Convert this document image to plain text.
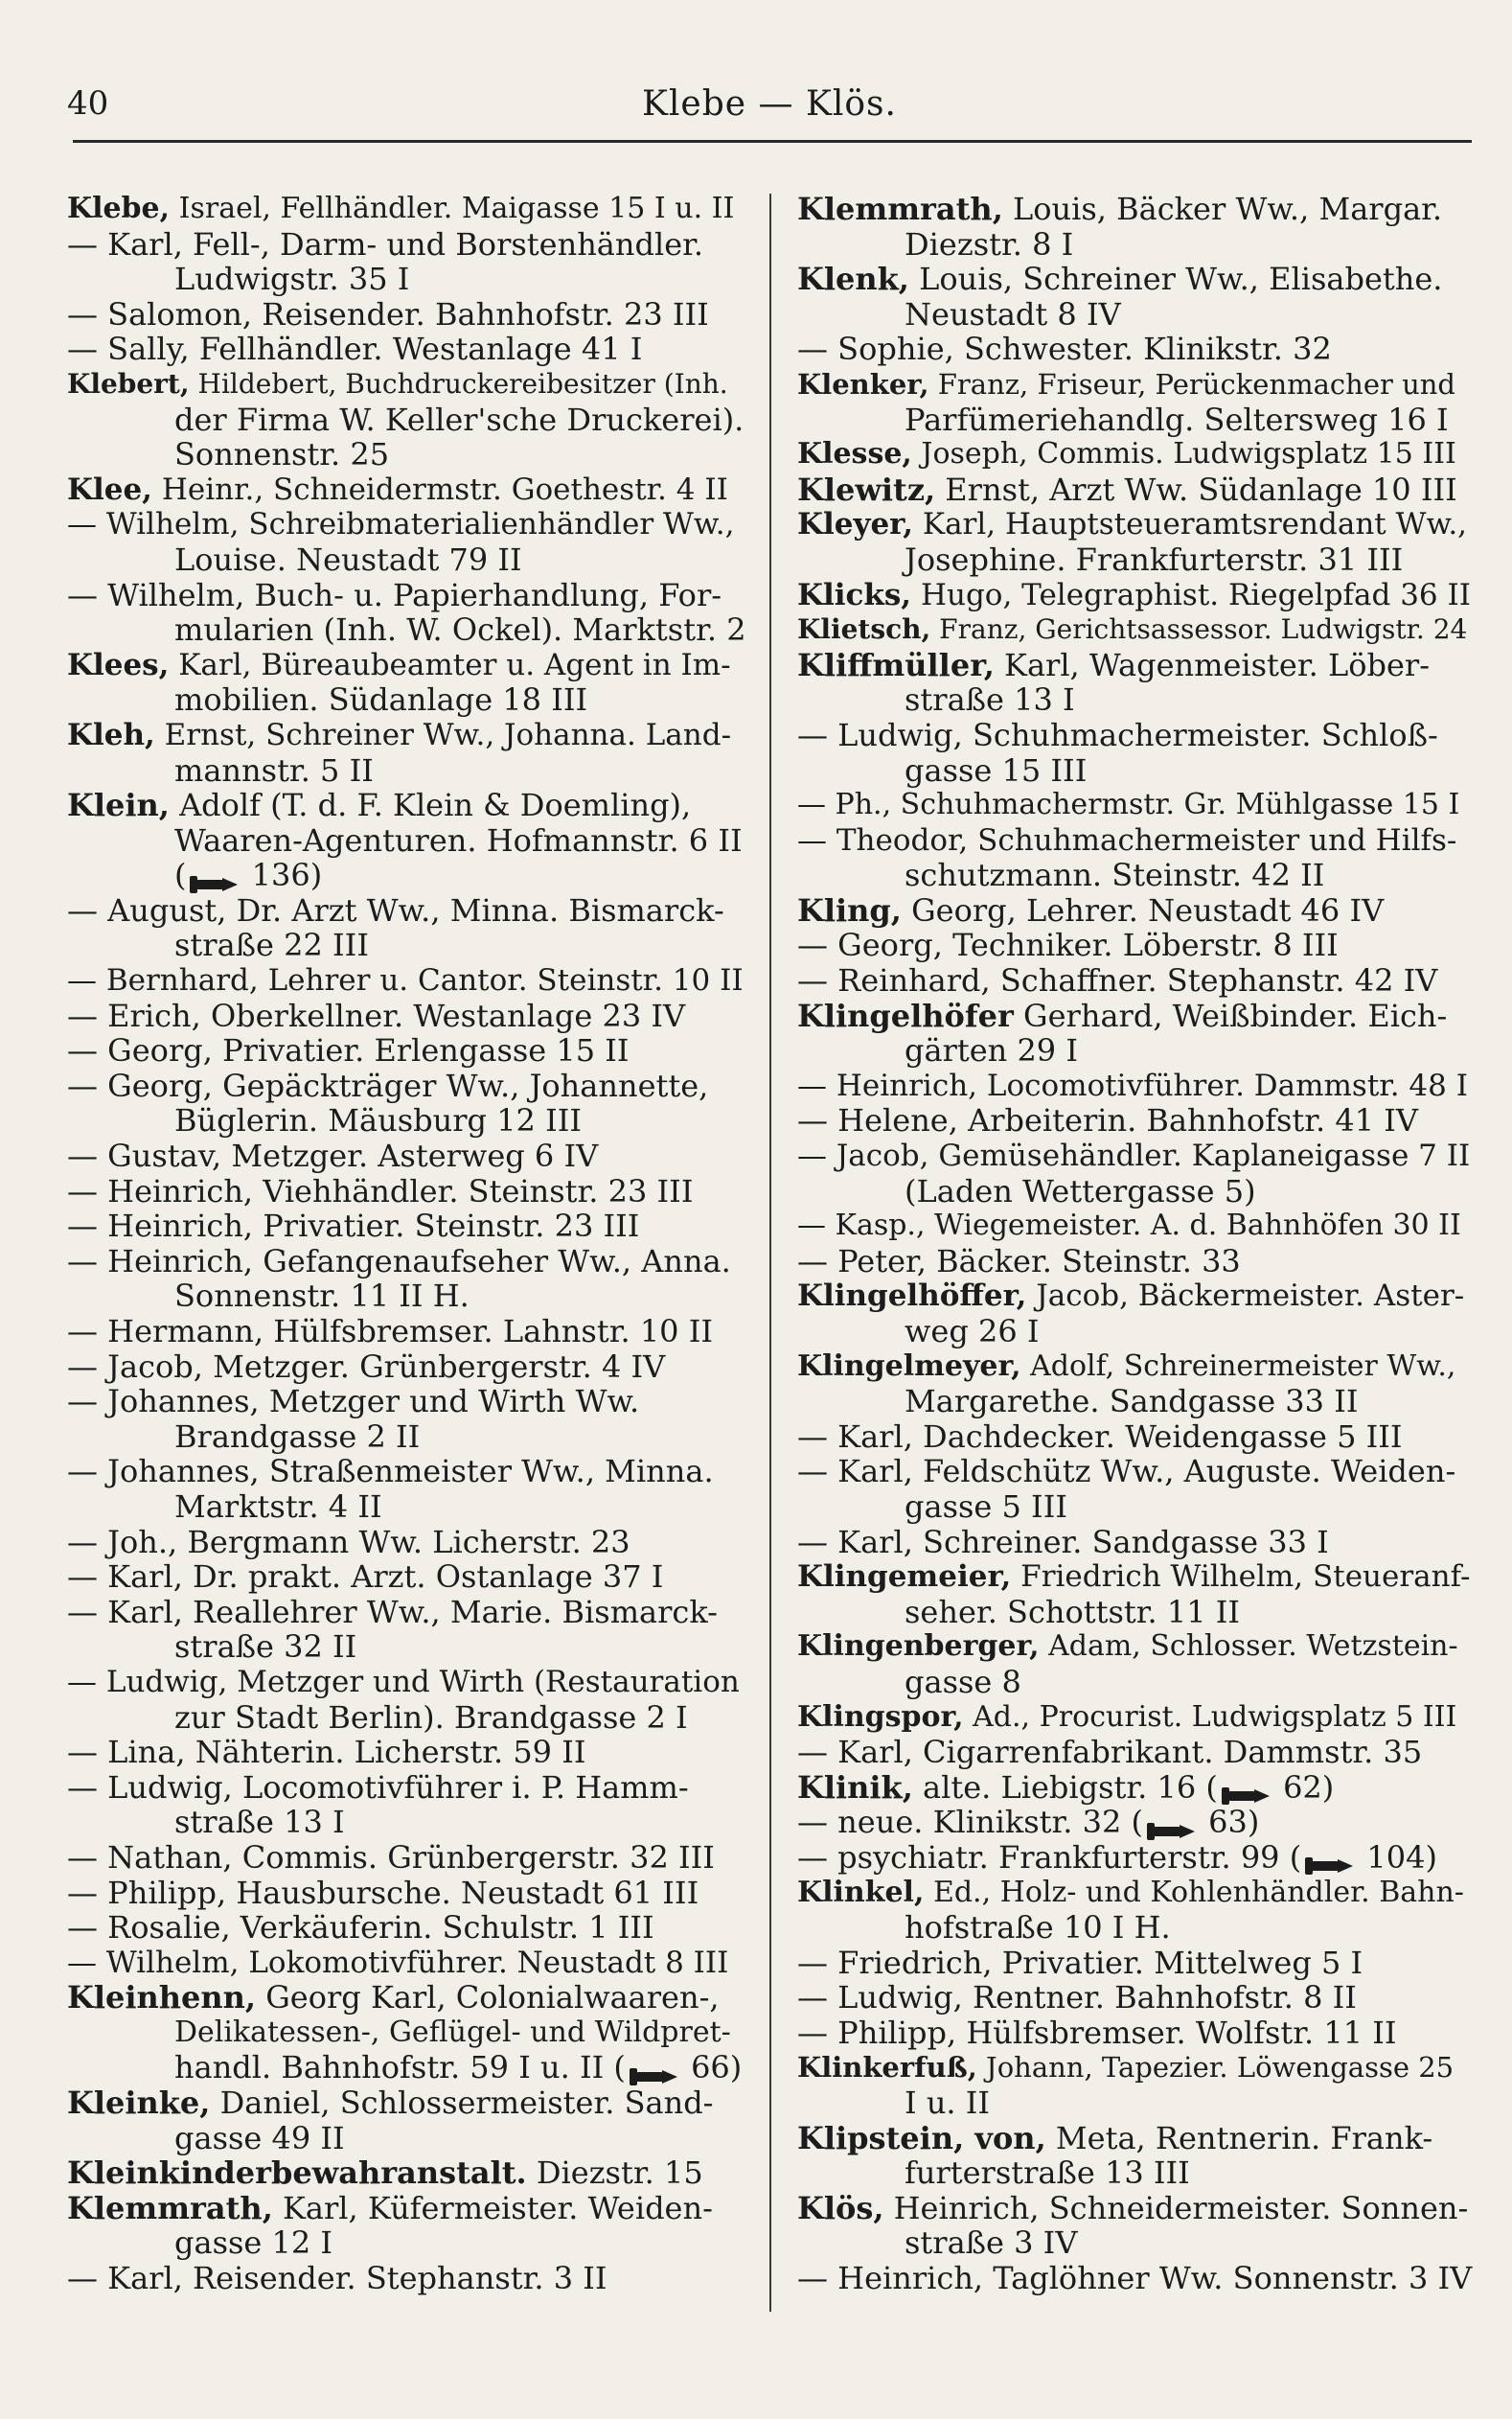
40	Klebe — Klös.
Klebe, Israel, Fellhändler. Maigasse 15 I u. II
— Karl, Fell-, Darm- und Borstenhändler.
Ludwigstr. 35 I
— Salomon, Reisender. Bahnhofstr. 23 III
— Sally, Fellhändler. Westanlage 41 I
Klebert, Hildebert, Buchdruckereibesitzer (Inh.
der Firma W. Keller'sche Druckerei).
Sonnenstr. 25
Klee, Heinr., Schneidermstr. Goethestr. 4 II
— Wilhelm, Schreibmaterialienhändler Ww.,
Louise. Neustadt 79 II
— Wilhelm, Buch- u. Papierhandlung, For-
mularien (Inh. W. Ockel). Marktstr. 2
Klees, Karl, Büreaubeamter u. Agent in Im-
mobilien. Südanlage 18 III
Kleh, Ernst, Schreiner Ww., Johanna. Land-
mannstr. 5 II
Klein, Adolf (T. d. F. Klein & Doemling),
Waaren-Agenturen. Hofmannstr. 6 II
( 136)
— August, Dr. Arzt Ww., Minna. Bismarck-
straße 22 III
— Bernhard, Lehrer u. Cantor. Steinstr. 10 II
— Erich, Oberkellner. Westanlage 23 IV
— Georg, Privatier. Erlengasse 15 II
— Georg, Gepäckträger Ww., Johannette,
Büglerin. Mäusburg 12 III
— Gustav, Metzger. Asterweg 6 IV
— Heinrich, Viehhändler. Steinstr. 23 III
— Heinrich, Privatier. Steinstr. 23 III
— Heinrich, Gefangenaufseher Ww., Anna.
Sonnenstr. 11 II H.
— Hermann, Hülfsbremser. Lahnstr. 10 II
— Jacob, Metzger. Grünbergerstr. 4 IV
— Johannes, Metzger und Wirth Ww.
Brandgasse 2 II
— Johannes, Straßenmeister Ww., Minna.
Marktstr. 4 II
— Joh., Bergmann Ww. Licherstr. 23
— Karl, Dr. prakt. Arzt. Ostanlage 37 I
— Karl, Reallehrer Ww., Marie. Bismarck-
straße 32 II
— Ludwig, Metzger und Wirth (Restauration
zur Stadt Berlin). Brandgasse 2 I
— Lina, Nähterin. Licherstr. 59 II
— Ludwig, Locomotivführer i. P. Hamm-
straße 13 I
— Nathan, Commis. Grünbergerstr. 32 III
— Philipp, Hausbursche. Neustadt 61 III
— Rosalie, Verkäuferin. Schulstr. 1 III
— Wilhelm, Lokomotivführer. Neustadt 8 III
Kleinhenn, Georg Karl, Colonialwaaren-,
Delikatessen-, Geflügel- und Wildpret-
handl. Bahnhofstr. 59 I u. II ( 66)
Kleinke, Daniel, Schlossermeister. Sand-
gasse 49 II
Kleinkinderbewahranstalt. Diezstr. 15
Klemmrath, Karl, Küfermeister. Weiden-
gasse 12 I
— Karl, Reisender. Stephanstr. 3 II
Klemmrath, Louis, Bäcker Ww., Margar.
Diezstr. 8 I
Klenk, Louis, Schreiner Ww., Elisabethe.
Neustadt 8 IV
— Sophie, Schwester. Klinikstr. 32
Klenker, Franz, Friseur, Perückenmacher und
Parfümeriehandlg. Seltersweg 16 I
Klesse, Joseph, Commis. Ludwigsplatz 15 III
Klewitz, Ernst, Arzt Ww. Südanlage 10 III
Kleyer, Karl, Hauptsteueramtsrendant Ww.,
Josephine. Frankfurterstr. 31 III
Klicks, Hugo, Telegraphist. Riegelpfad 36 II
Klietsch, Franz, Gerichtsassessor. Ludwigstr. 24
Kliffmüller, Karl, Wagenmeister. Löber-
straße 13 I
— Ludwig, Schuhmachermeister. Schloß-
gasse 15 III
— Ph., Schuhmachermstr. Gr. Mühlgasse 15 I
— Theodor, Schuhmachermeister und Hilfs-
schutzmann. Steinstr. 42 II
Kling, Georg, Lehrer. Neustadt 46 IV
— Georg, Techniker. Löberstr. 8 III
— Reinhard, Schaffner. Stephanstr. 42 IV
Klingelhöfer Gerhard, Weißbinder. Eich-
gärten 29 I
— Heinrich, Locomotivführer. Dammstr. 48 I
— Helene, Arbeiterin. Bahnhofstr. 41 IV
— Jacob, Gemüsehändler. Kaplaneigasse 7 II
(Laden Wettergasse 5)
— Kasp., Wiegemeister. A. d. Bahnhöfen 30 II
— Peter, Bäcker. Steinstr. 33
Klingelhöffer, Jacob, Bäckermeister. Aster-
weg 26 I
Klingelmeyer, Adolf, Schreinermeister Ww.,
Margarethe. Sandgasse 33 II
— Karl, Dachdecker. Weidengasse 5 III
— Karl, Feldschütz Ww., Auguste. Weiden-
gasse 5 III
— Karl, Schreiner. Sandgasse 33 I
Klingemeier, Friedrich Wilhelm, Steueranf-
seher. Schottstr. 11 II
Klingenberger, Adam, Schlosser. Wetzstein-
gasse 8
Klingspor, Ad., Procurist. Ludwigsplatz 5 III
— Karl, Cigarrenfabrikant. Dammstr. 35
Klinik, alte. Liebigstr. 16 ( 62)
— neue. Klinikstr. 32 ( 63)
— psychiatr. Frankfurterstr. 99 ( 104)
Klinkel, Ed., Holz- und Kohlenhändler. Bahn-
hofstraße 10 I H.
— Friedrich, Privatier. Mittelweg 5 I
— Ludwig, Rentner. Bahnhofstr. 8 II
— Philipp, Hülfsbremser. Wolfstr. 11 II
Klinkerfuß, Johann, Tapezier. Löwengasse 25
I u. II
Klipstein, von, Meta, Rentnerin. Frank-
furterstraße 13 III
Klös, Heinrich, Schneidermeister. Sonnen-
straße 3 IV
— Heinrich, Taglöhner Ww. Sonnenstr. 3 IV
